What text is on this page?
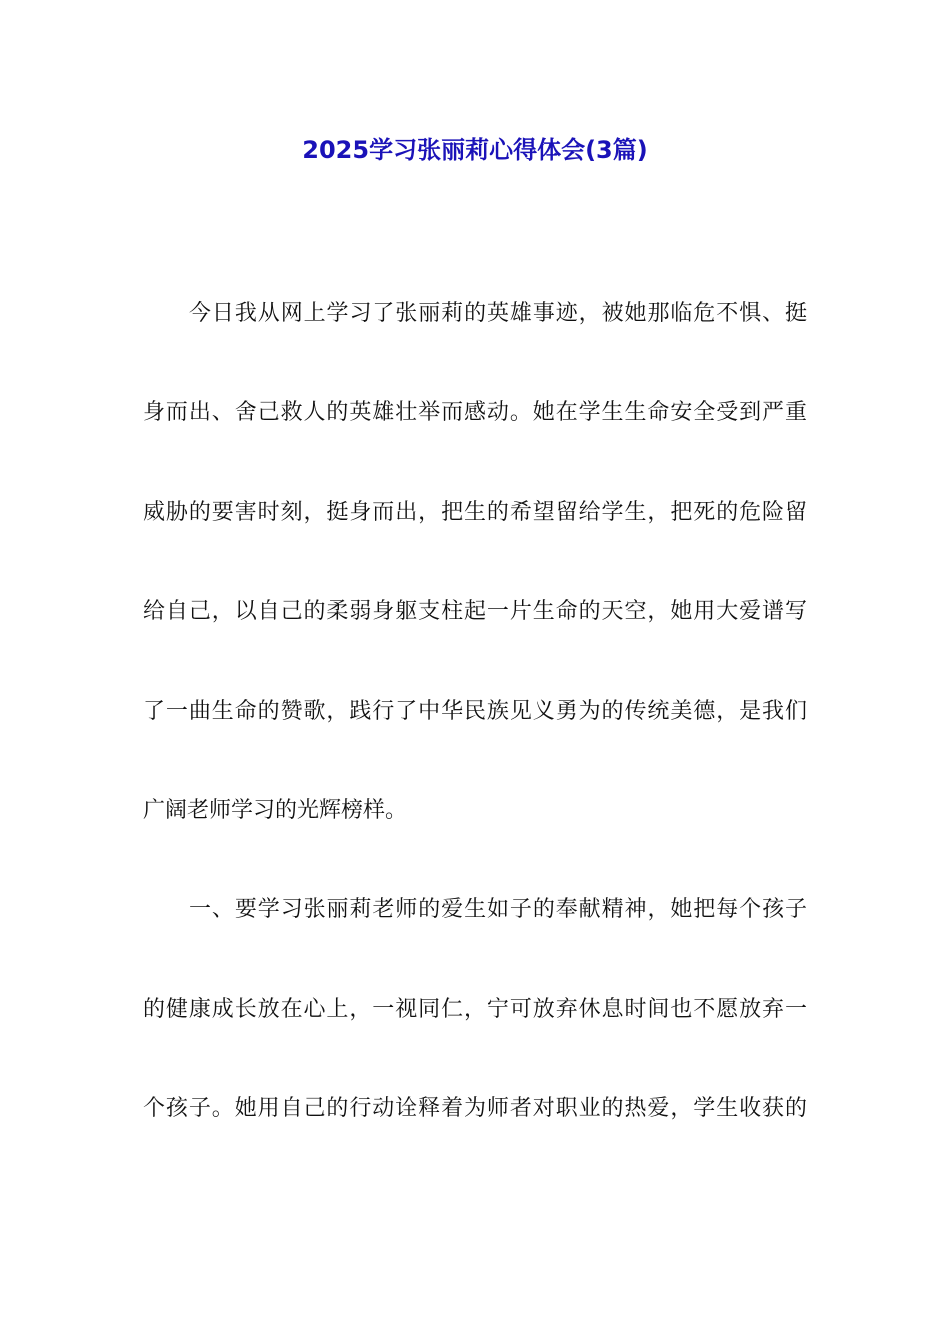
2025学习张丽莉心得体会(3篇)
今日我从网上学习了张丽莉的英雄事迹，被她那临危不惧、挺
身而出、舍己救人的英雄壮举而感动。她在学生生命安全受到严重
威胁的要害时刻，挺身而出，把生的希望留给学生，把死的危险留
给自己，以自己的柔弱身躯支柱起一片生命的天空，她用大爱谱写
了一曲生命的赞歌，践行了中华民族见义勇为的传统美德，是我们
广阔老师学习的光辉榜样。
一、要学习张丽莉老师的爱生如子的奉献精神，她把每个孩子
的健康成长放在心上，一视同仁，宁可放弃休息时间也不愿放弃一
个孩子。她用自己的行动诠释着为师者对职业的热爱，学生收获的
